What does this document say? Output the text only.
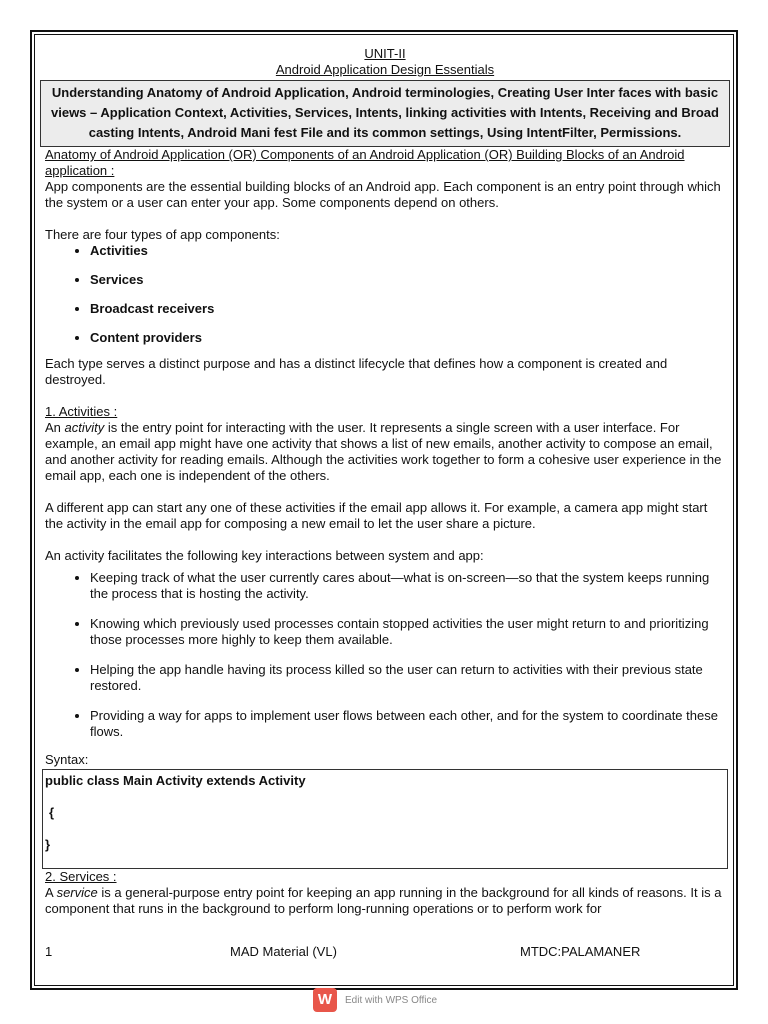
UNIT-II
Android Application Design Essentials
Understanding Anatomy of Android Application, Android terminologies, Creating User Inter faces with basic views – Application Context, Activities, Services, Intents, linking activities with Intents, Receiving and Broad casting Intents, Android Mani fest File and its common settings, Using IntentFilter, Permissions.
Anatomy of Android Application (OR) Components of an Android Application (OR) Building Blocks of an Android application :

App components are the essential building blocks of an Android app. Each component is an entry point through which the system or a user can enter your app. Some components depend on others.

There are four types of app components:

• Activities
• Services
• Broadcast receivers
• Content providers

Each type serves a distinct purpose and has a distinct lifecycle that defines how a component is created and destroyed.

1. Activities :

An activity is the entry point for interacting with the user. It represents a single screen with a user interface. For example, an email app might have one activity that shows a list of new emails, another activity to compose an email, and another activity for reading emails. Although the activities work together to form a cohesive user experience in the email app, each one is independent of the others.

A different app can start any one of these activities if the email app allows it. For example, a camera app might start the activity in the email app for composing a new email to let the user share a picture.

An activity facilitates the following key interactions between system and app:

• Keeping track of what the user currently cares about—what is on-screen—so that the system keeps running the process that is hosting the activity.
• Knowing which previously used processes contain stopped activities the user might return to and prioritizing those processes more highly to keep them available.
• Helping the app handle having its process killed so the user can return to activities with their previous state restored.
• Providing a way for apps to implement user flows between each other, and for the system to coordinate these flows.

Syntax:

public class Main Activity extends Activity
{
}
2. Services :

A service is a general-purpose entry point for keeping an app running in the background for all kinds of reasons. It is a component that runs in the background to perform long-running operations or to perform work for

1	MAD Material (VL)	MTDC:PALAMANER
W	Edit with WPS Office
